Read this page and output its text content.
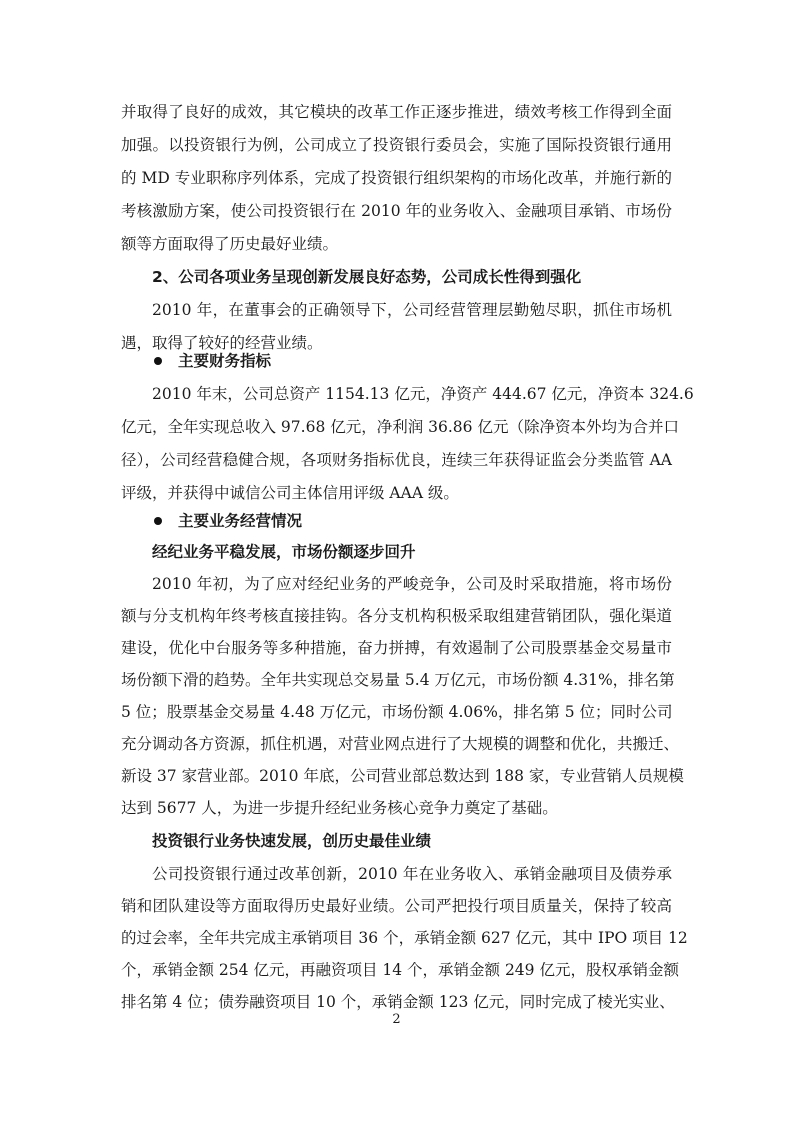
并取得了良好的成效，其它模块的改革工作正逐步推进，绩效考核工作得到全面
加强。以投资银行为例，公司成立了投资银行委员会，实施了国际投资银行通用
的 MD 专业职称序列体系，完成了投资银行组织架构的市场化改革，并施行新的
考核激励方案，使公司投资银行在 2010 年的业务收入、金融项目承销、市场份
额等方面取得了历史最好业绩。
2、公司各项业务呈现创新发展良好态势，公司成长性得到强化
2010 年，在董事会的正确领导下，公司经营管理层勤勉尽职，抓住市场机
遇，取得了较好的经营业绩。
主要财务指标
2010 年末，公司总资产 1154.13 亿元，净资产 444.67 亿元，净资本 324.6
亿元，全年实现总收入 97.68 亿元，净利润 36.86 亿元（除净资本外均为合并口
径），公司经营稳健合规，各项财务指标优良，连续三年获得证监会分类监管 AA
评级，并获得中诚信公司主体信用评级 AAA 级。
主要业务经营情况
经纪业务平稳发展，市场份额逐步回升
2010 年初，为了应对经纪业务的严峻竞争，公司及时采取措施，将市场份
额与分支机构年终考核直接挂钩。各分支机构积极采取组建营销团队，强化渠道
建设，优化中台服务等多种措施，奋力拼搏，有效遏制了公司股票基金交易量市
场份额下滑的趋势。全年共实现总交易量 5.4 万亿元，市场份额 4.31%，排名第
5 位；股票基金交易量 4.48 万亿元，市场份额 4.06%，排名第 5 位；同时公司
充分调动各方资源，抓住机遇，对营业网点进行了大规模的调整和优化，共搬迁、
新设 37 家营业部。2010 年底，公司营业部总数达到 188 家，专业营销人员规模
达到 5677 人，为进一步提升经纪业务核心竞争力奠定了基础。
投资银行业务快速发展，创历史最佳业绩
公司投资银行通过改革创新，2010 年在业务收入、承销金融项目及债券承
销和团队建设等方面取得历史最好业绩。公司严把投行项目质量关，保持了较高
的过会率，全年共完成主承销项目 36 个，承销金额 627 亿元，其中 IPO 项目 12
个，承销金额 254 亿元，再融资项目 14 个，承销金额 249 亿元，股权承销金额
排名第 4 位；债券融资项目 10 个，承销金额 123 亿元，同时完成了棱光实业、
2
